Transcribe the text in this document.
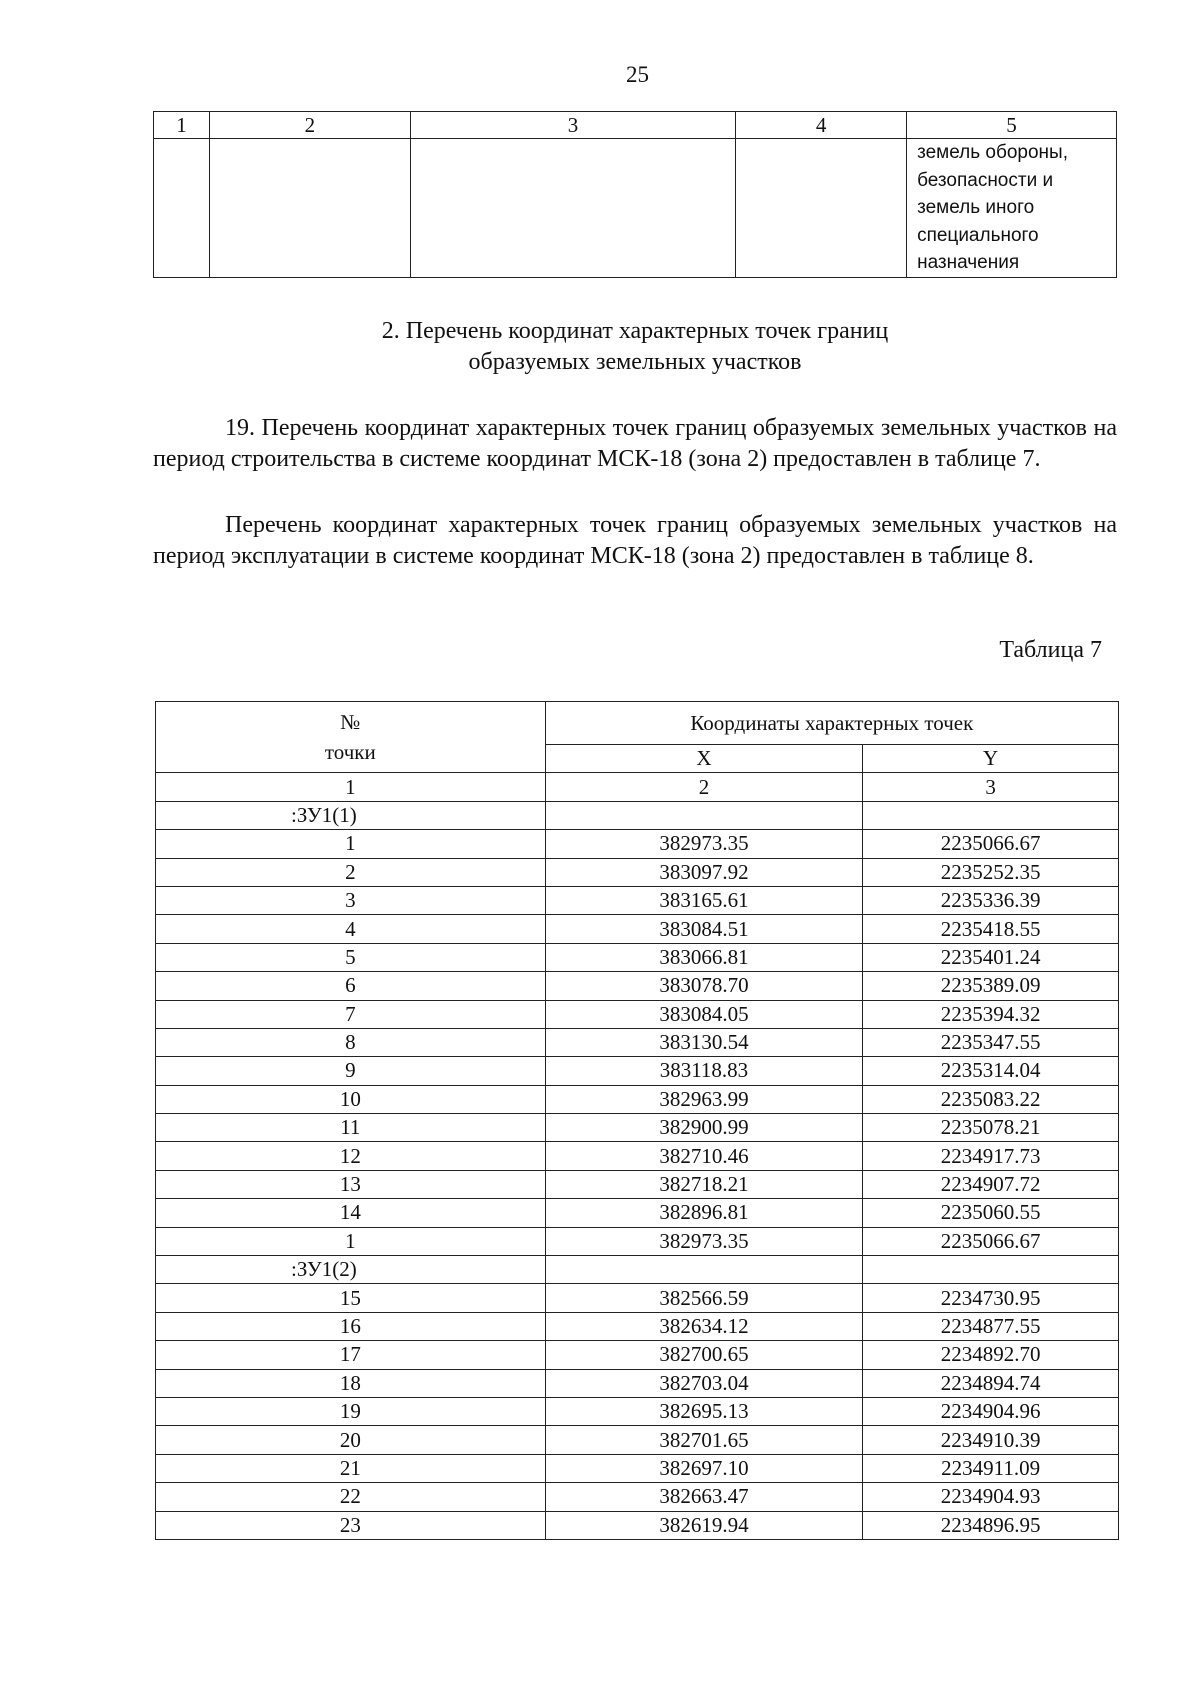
25
1	2	3	4	5

				земель обороны,
безопасности и
земель иного
специального
назначения
2. Перечень координат характерных точек границ
образуемых земельных участков
19. Перечень координат характерных точек границ образуемых земельных участков на период строительства в системе координат МСК-18 (зона 2) предоставлен в таблице 7.
Перечень координат характерных точек границ образуемых земельных участков на период эксплуатации в системе координат МСК-18 (зона 2) предоставлен в таблице 8.
Таблица 7
№
точки	Координаты характерных точек	
	X	Y
1	2	3
:ЗУ1(1)		
1	382973.35	2235066.67
2	383097.92	2235252.35
3	383165.61	2235336.39
4	383084.51	2235418.55
5	383066.81	2235401.24
6	383078.70	2235389.09
7	383084.05	2235394.32
8	383130.54	2235347.55
9	383118.83	2235314.04
10	382963.99	2235083.22
11	382900.99	2235078.21
12	382710.46	2234917.73
13	382718.21	2234907.72
14	382896.81	2235060.55
1	382973.35	2235066.67
:ЗУ1(2)		
15	382566.59	2234730.95
16	382634.12	2234877.55
17	382700.65	2234892.70
18	382703.04	2234894.74
19	382695.13	2234904.96
20	382701.65	2234910.39
21	382697.10	2234911.09
22	382663.47	2234904.93
23	382619.94	2234896.95
